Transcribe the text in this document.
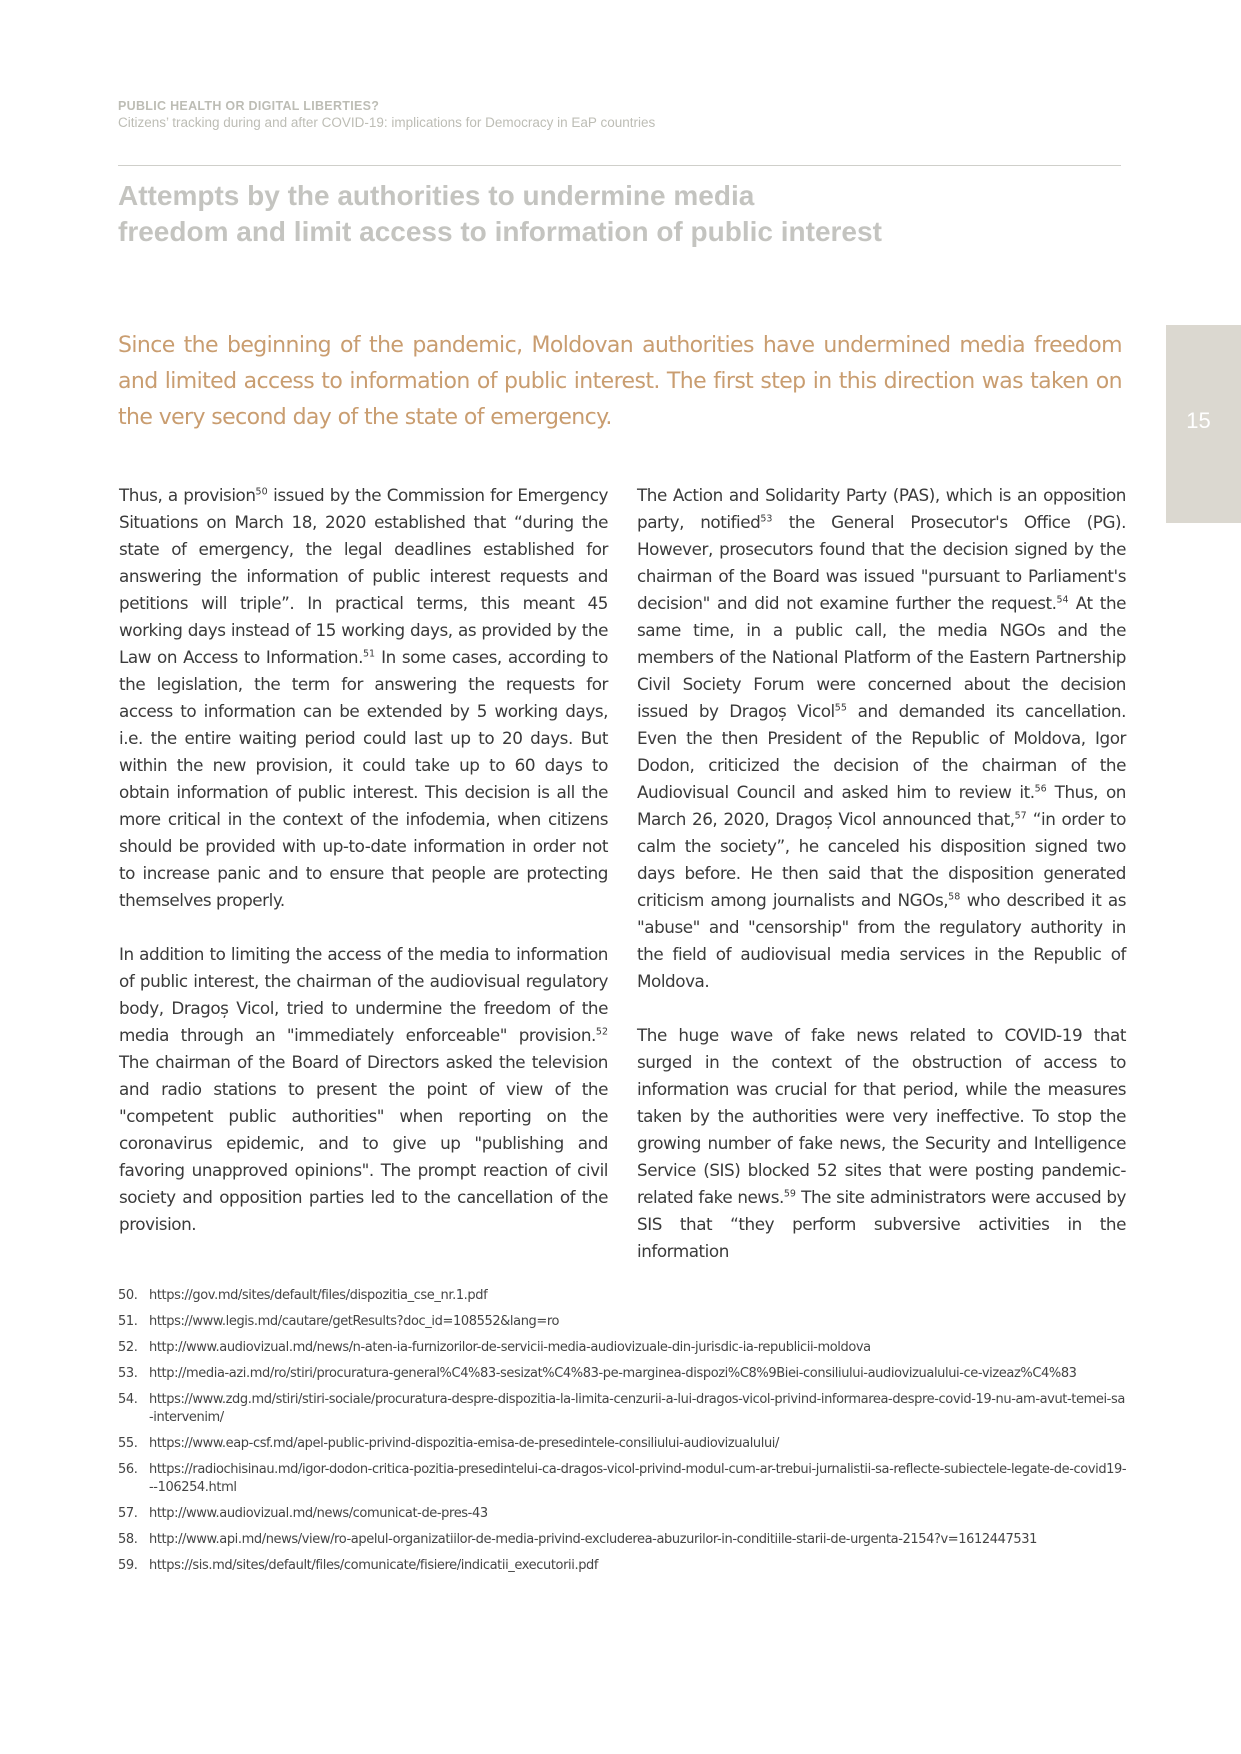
PUBLIC HEALTH OR DIGITAL LIBERTIES?
Citizens’ tracking during and after COVID-19: implications for Democracy in EaP countries
Attempts by the authorities to undermine media
freedom and limit access to information of public interest

Since the beginning of the pandemic, Moldovan authorities have undermined media freedom and limited access to information of public interest. The first step in this direction was taken on the very second day of the state of emergency.	15

Thus, a provision$^{50}$ issued by the Commission for Emergency Situations on March 18, 2020 established that “during the state of emergency, the legal deadlines established for answering the information of public interest requests and petitions will triple”. In practical terms, this meant 45 working days instead of 15 working days, as provided by the Law on Access to Information.$^{51}$ In some cases, according to the legislation, the term for answering the requests for access to information can be extended by 5 working days, i.e. the entire waiting period could last up to 20 days. But within the new provision, it could take up to 60 days to obtain information of public interest. This decision is all the more critical in the context of the infodemia, when citizens should be provided with up-to-date information in order not to increase panic and to ensure that people are protecting themselves properly.

In addition to limiting the access of the media to information of public interest, the chairman of the audiovisual regulatory body, Dragoș Vicol, tried to undermine the freedom of the media through an "immediately enforceable" provision.$^{52}$ The chairman of the Board of Directors asked the television and radio stations to present the point of view of the "competent public authorities" when reporting on the coronavirus epidemic, and to give up "publishing and favoring unapproved opinions". The prompt reaction of civil society and opposition parties led to the cancellation of the provision.

The Action and Solidarity Party (PAS), which is an opposition party, notified$^{53}$ the General Prosecutor's Office (PG). However, prosecutors found that the decision signed by the chairman of the Board was issued "pursuant to Parliament's decision" and did not examine further the request.$^{54}$ At the same time, in a public call, the media NGOs and the members of the National Platform of the Eastern Partnership Civil Society Forum were concerned about the decision issued by Dragoș Vicol$^{55}$ and demanded its cancellation. Even the then President of the Republic of Moldova, Igor Dodon, criticized the decision of the chairman of the Audiovisual Council and asked him to review it.$^{56}$ Thus, on March 26, 2020, Dragoș Vicol announced that,$^{57}$ “in order to calm the society”, he canceled his disposition signed two days before. He then said that the disposition generated criticism among journalists and NGOs,$^{58}$ who described it as "abuse" and "censorship" from the regulatory authority in the field of audiovisual media services in the Republic of Moldova.

The huge wave of fake news related to COVID-19 that surged in the context of the obstruction of access to information was crucial for that period, while the measures taken by the authorities were very ineffective. To stop the growing number of fake news, the Security and Intelligence Service (SIS) blocked 52 sites that were posting pandemic-related fake news.$^{59}$ The site administrators were accused by SIS that “they perform subversive activities in the information

50. https://gov.md/sites/default/files/dispozitia_cse_nr.1.pdf
51. https://www.legis.md/cautare/getResults?doc_id=108552&lang=ro
52. http://www.audiovizual.md/news/n-aten-ia-furnizorilor-de-servicii-media-audiovizuale-din-jurisdic-ia-republicii-moldova
53. http://media-azi.md/ro/stiri/procuratura-general%C4%83-sesizat%C4%83-pe-marginea-dispozi%C8%9Biei-consiliului-audiovizualului-ce-vizeaz%C4%83
54. https://www.zdg.md/stiri/stiri-sociale/procuratura-despre-dispozitia-la-limita-cenzurii-a-lui-dragos-vicol-privind-informarea-despre-covid-19-nu-am-avut-temei-sa-intervenim/
55. https://www.eap-csf.md/apel-public-privind-dispozitia-emisa-de-presedintele-consiliului-audiovizualului/
56. https://radiochisinau.md/igor-dodon-critica-pozitia-presedintelui-ca-dragos-vicol-privind-modul-cum-ar-trebui-jurnalistii-sa-reflecte-subiectele-legate-de-covid19---106254.html
57. http://www.audiovizual.md/news/comunicat-de-pres-43
58. http://www.api.md/news/view/ro-apelul-organizatiilor-de-media-privind-excluderea-abuzurilor-in-conditiile-starii-de-urgenta-2154?v=1612447531
59. https://sis.md/sites/default/files/comunicate/fisiere/indicatii_executorii.pdf
